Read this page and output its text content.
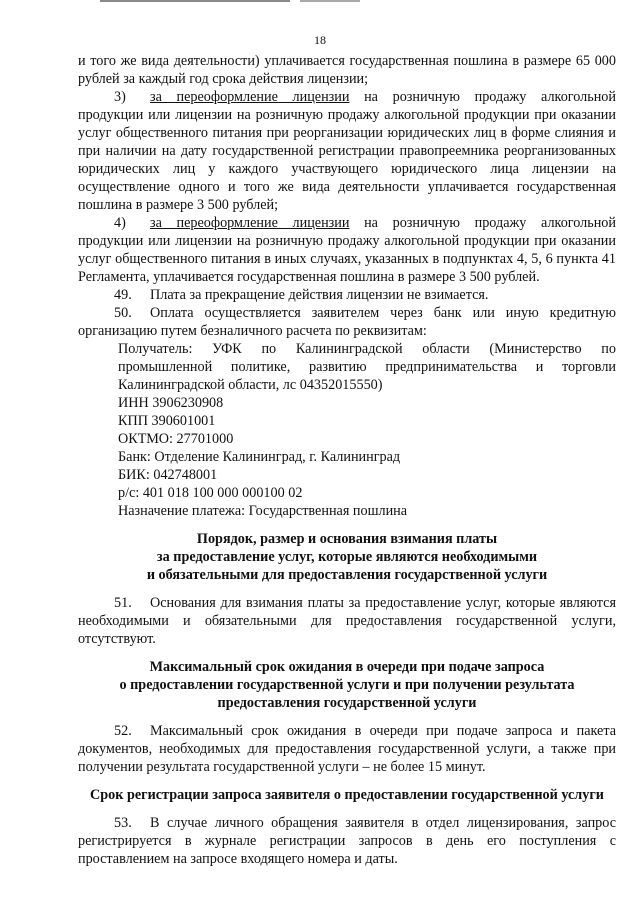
18

и того же вида деятельности) уплачивается государственная пошлина в размере 65 000 рублей за каждый год срока действия лицензии;

3) за переоформление лицензии на розничную продажу алкогольной продукции или лицензии на розничную продажу алкогольной продукции при оказании услуг общественного питания при реорганизации юридических лиц в форме слияния и при наличии на дату государственной регистрации правопреемника реорганизованных юридических лиц у каждого участвующего юридического лица лицензии на осуществление одного и того же вида деятельности уплачивается государственная пошлина в размере 3 500 рублей;

4) за переоформление лицензии на розничную продажу алкогольной продукции или лицензии на розничную продажу алкогольной продукции при оказании услуг общественного питания в иных случаях, указанных в подпунктах 4, 5, 6 пункта 41 Регламента, уплачивается государственная пошлина в размере 3 500 рублей.

49. Плата за прекращение действия лицензии не взимается.

50. Оплата осуществляется заявителем через банк или иную кредитную организацию путем безналичного расчета по реквизитам:

Получатель: УФК по Калининградской области (Министерство по промышленной политике, развитию предпринимательства и торговли Калининградской области, лс 04352015550)

ИНН 3906230908

КПП 390601001

ОКТМО: 27701000

Банк: Отделение Калининград, г. Калининград

БИК: 042748001

р/с: 401 018 100 000 000100 02

Назначение платежа: Государственная пошлина

Порядок, размер и основания взимания платы
за предоставление услуг, которые являются необходимыми
и обязательными для предоставления государственной услуги

51. Основания для взимания платы за предоставление услуг, которые являются необходимыми и обязательными для предоставления государственной услуги, отсутствуют.

Максимальный срок ожидания в очереди при подаче запроса
о предоставлении государственной услуги и при получении результата
предоставления государственной услуги

52. Максимальный срок ожидания в очереди при подаче запроса и пакета документов, необходимых для предоставления государственной услуги, а также при получении результата государственной услуги – не более 15 минут.

Срок регистрации запроса заявителя о предоставлении государственной услуги

53. В случае личного обращения заявителя в отдел лицензирования, запрос регистрируется в журнале регистрации запросов в день его поступления с проставлением на запросе входящего номера и даты.
